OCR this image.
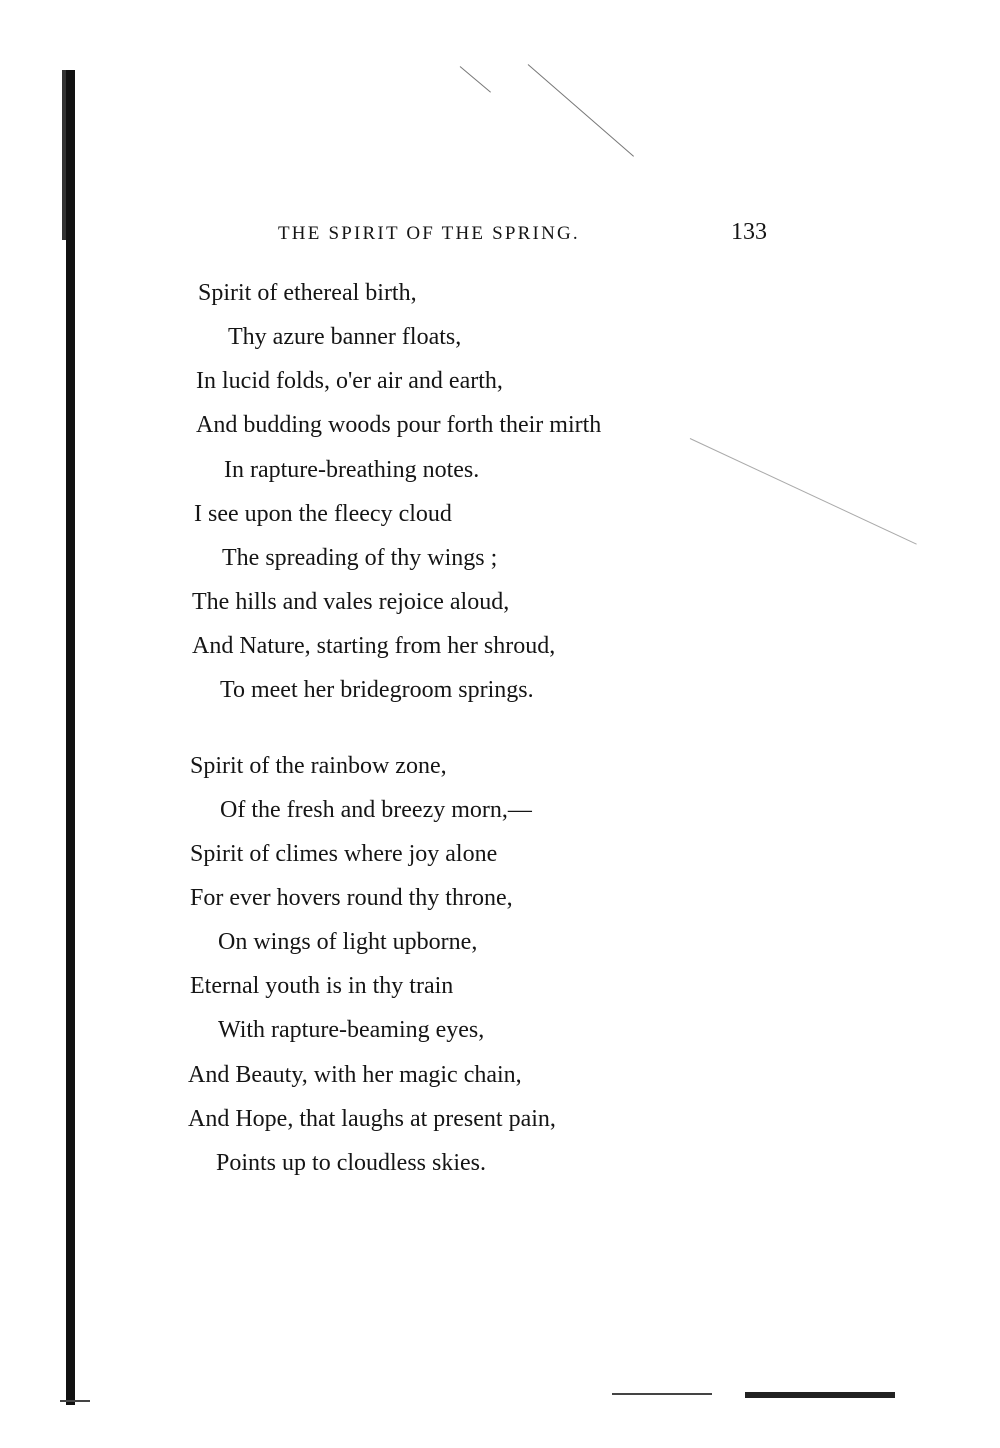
THE SPIRIT OF THE SPRING.	133
Spirit of ethereal birth,
Thy azure banner floats,
In lucid folds, o'er air and earth,
And budding woods pour forth their mirth
In rapture-breathing notes.
I see upon the fleecy cloud
The spreading of thy wings ;
The hills and vales rejoice aloud,
And Nature, starting from her shroud,
To meet her bridegroom springs.
Spirit of the rainbow zone,
Of the fresh and breezy morn,—
Spirit of climes where joy alone
For ever hovers round thy throne,
On wings of light upborne,
Eternal youth is in thy train
With rapture-beaming eyes,
And Beauty, with her magic chain,
And Hope, that laughs at present pain,
Points up to cloudless skies.
